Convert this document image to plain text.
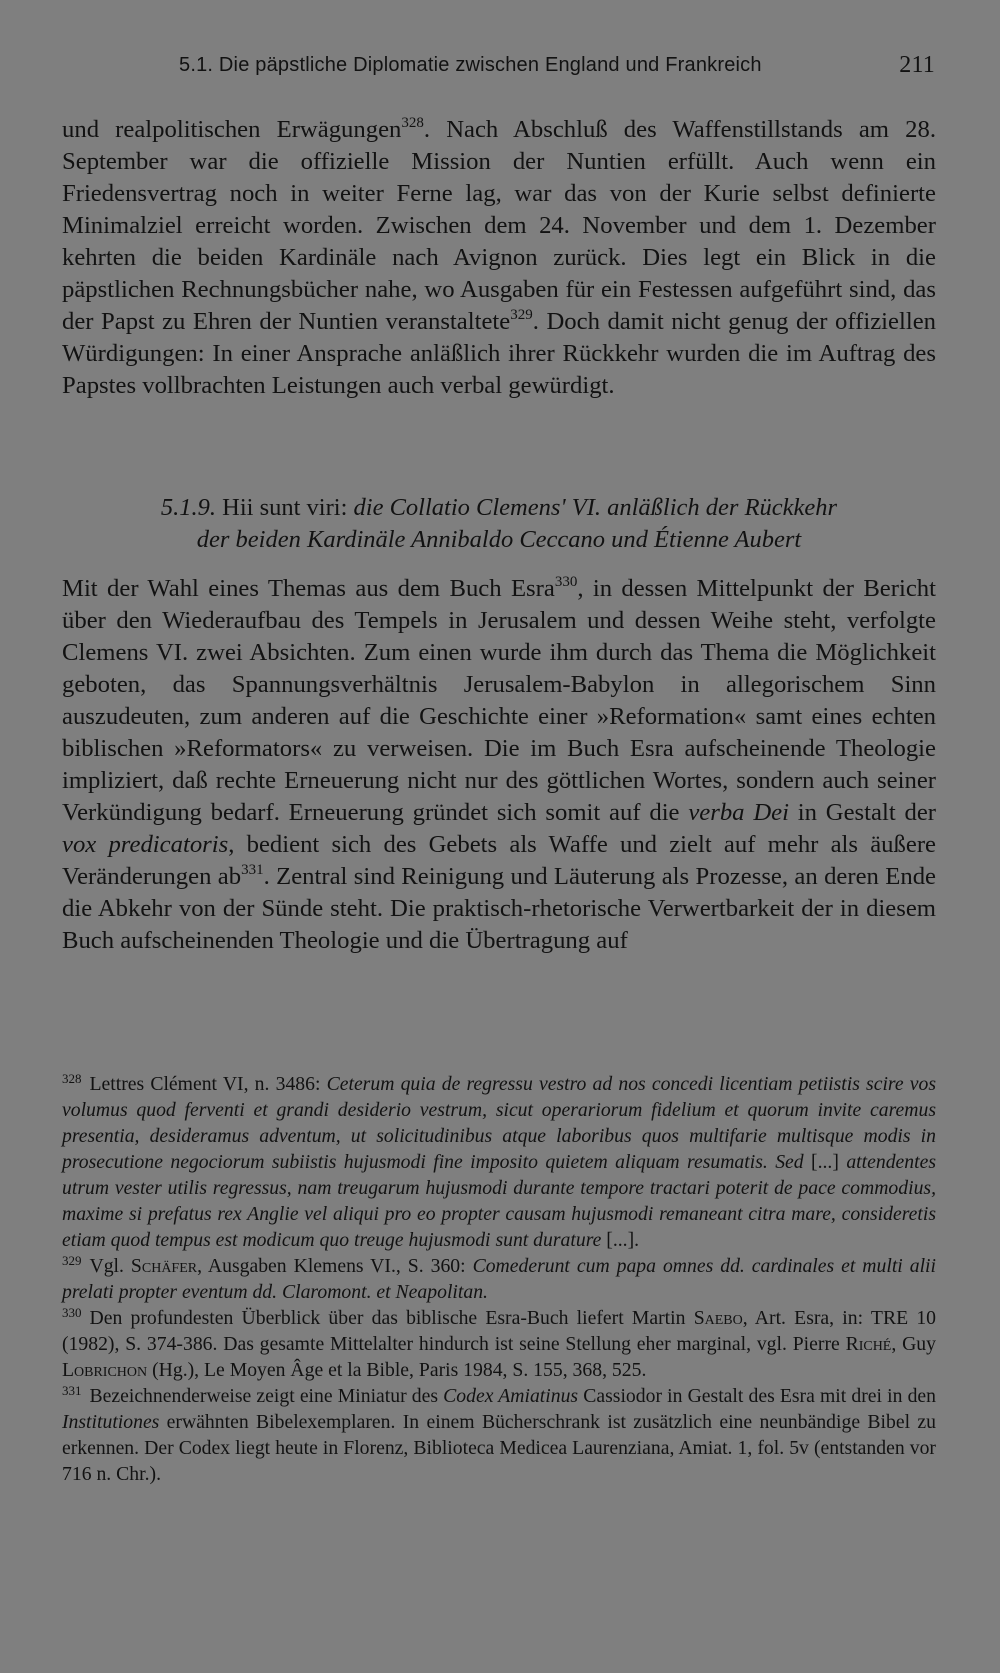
5.1. Die päpstliche Diplomatie zwischen England und Frankreich	211

und realpolitischen Erwägungen$^{328}$. Nach Abschluß des Waffenstillstands am 28. September war die offizielle Mission der Nuntien erfüllt. Auch wenn ein Friedensvertrag noch in weiter Ferne lag, war das von der Kurie selbst definierte Minimalziel erreicht worden. Zwischen dem 24. November und dem 1. Dezember kehrten die beiden Kardinäle nach Avignon zurück. Dies legt ein Blick in die päpstlichen Rechnungsbücher nahe, wo Ausgaben für ein Festessen aufgeführt sind, das der Papst zu Ehren der Nuntien veranstaltete$^{329}$. Doch damit nicht genug der offiziellen Würdigungen: In einer Ansprache anläßlich ihrer Rückkehr wurden die im Auftrag des Papstes vollbrachten Leistungen auch verbal gewürdigt.

5.1.9. Hii sunt viri: die Collatio Clemens' VI. anläßlich der Rückkehr
der beiden Kardinäle Annibaldo Ceccano und Étienne Aubert

Mit der Wahl eines Themas aus dem Buch Esra$^{330}$, in dessen Mittelpunkt der Bericht über den Wiederaufbau des Tempels in Jerusalem und dessen Weihe steht, verfolgte Clemens VI. zwei Absichten. Zum einen wurde ihm durch das Thema die Möglichkeit geboten, das Spannungsverhältnis Jerusalem-Babylon in allegorischem Sinn auszudeuten, zum anderen auf die Geschichte einer »Reformation« samt eines echten biblischen »Reformators« zu verweisen. Die im Buch Esra aufscheinende Theologie impliziert, daß rechte Erneuerung nicht nur des göttlichen Wortes, sondern auch seiner Verkündigung bedarf. Erneuerung gründet sich somit auf die verba Dei in Gestalt der vox predicatoris, bedient sich des Gebets als Waffe und zielt auf mehr als äußere Veränderungen ab$^{331}$. Zentral sind Reinigung und Läuterung als Prozesse, an deren Ende die Abkehr von der Sünde steht. Die praktisch-rhetorische Verwertbarkeit der in diesem Buch aufscheinenden Theologie und die Übertragung auf

$^{328}$ Lettres Clément VI, n. 3486: Ceterum quia de regressu vestro ad nos concedi licentiam petiistis scire vos volumus quod ferventi et grandi desiderio vestrum, sicut operariorum fidelium et quorum invite caremus presentia, desideramus adventum, ut solicitudinibus atque laboribus quos multifarie multisque modis in prosecutione negociorum subiistis hujusmodi fine imposito quietem aliquam resumatis. Sed [...] attendentes utrum vester utilis regressus, nam treugarum hujusmodi durante tempore tractari poterit de pace commodius, maxime si prefatus rex Anglie vel aliqui pro eo propter causam hujusmodi remaneant citra mare, consideretis etiam quod tempus est modicum quo treuge hujusmodi sunt durature [...].

$^{329}$ Vgl. Schäfer, Ausgaben Klemens VI., S. 360: Comederunt cum papa omnes dd. cardinales et multi alii prelati propter eventum dd. Claromont. et Neapolitan.

$^{330}$ Den profundesten Überblick über das biblische Esra-Buch liefert Martin Saebo, Art. Esra, in: TRE 10 (1982), S. 374-386. Das gesamte Mittelalter hindurch ist seine Stellung eher marginal, vgl. Pierre Riché, Guy Lobrichon (Hg.), Le Moyen Âge et la Bible, Paris 1984, S. 155, 368, 525.

$^{331}$ Bezeichnenderweise zeigt eine Miniatur des Codex Amiatinus Cassiodor in Gestalt des Esra mit drei in den Institutiones erwähnten Bibelexemplaren. In einem Bücherschrank ist zusätzlich eine neunbändige Bibel zu erkennen. Der Codex liegt heute in Florenz, Biblioteca Medicea Laurenziana, Amiat. 1, fol. 5v (entstanden vor 716 n. Chr.).
